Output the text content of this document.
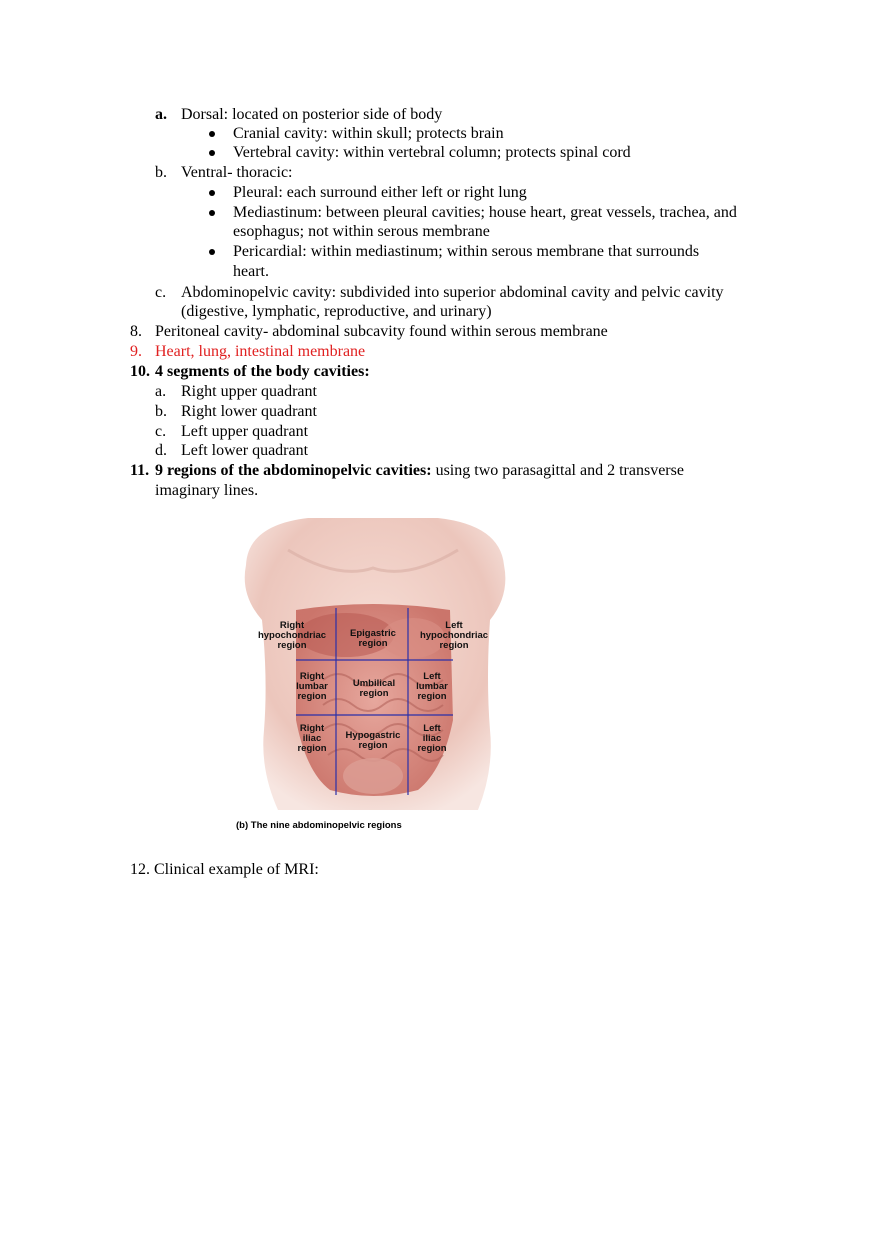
a. Dorsal: located on posterior side of body
Cranial cavity: within skull; protects brain
Vertebral cavity: within vertebral column; protects spinal cord
b. Ventral- thoracic:
Pleural: each surround either left or right lung
Mediastinum: between pleural cavities; house heart, great vessels, trachea, and
esophagus; not within serous membrane
Pericardial: within mediastinum; within serous membrane that surrounds
heart.
c. Abdominopelvic cavity: subdivided into superior abdominal cavity and pelvic cavity
(digestive, lymphatic, reproductive, and urinary)
8. Peritoneal cavity- abdominal subcavity found within serous membrane
9. Heart, lung, intestinal membrane
10. 4 segments of the body cavities:
a. Right upper quadrant
b. Right lower quadrant
c. Left upper quadrant
d. Left lower quadrant
11. 9 regions of the abdominopelvic cavities: using two parasagittal and 2 transverse
imaginary lines.
Right hypochondriac region
Epigastric region
Left hypochondriac region
Right lumbar region
Umbilical region
Left lumbar region
Right iliac region
Hypogastric region
Left iliac region
(b) The nine abdominopelvic regions
12. Clinical example of MRI:
